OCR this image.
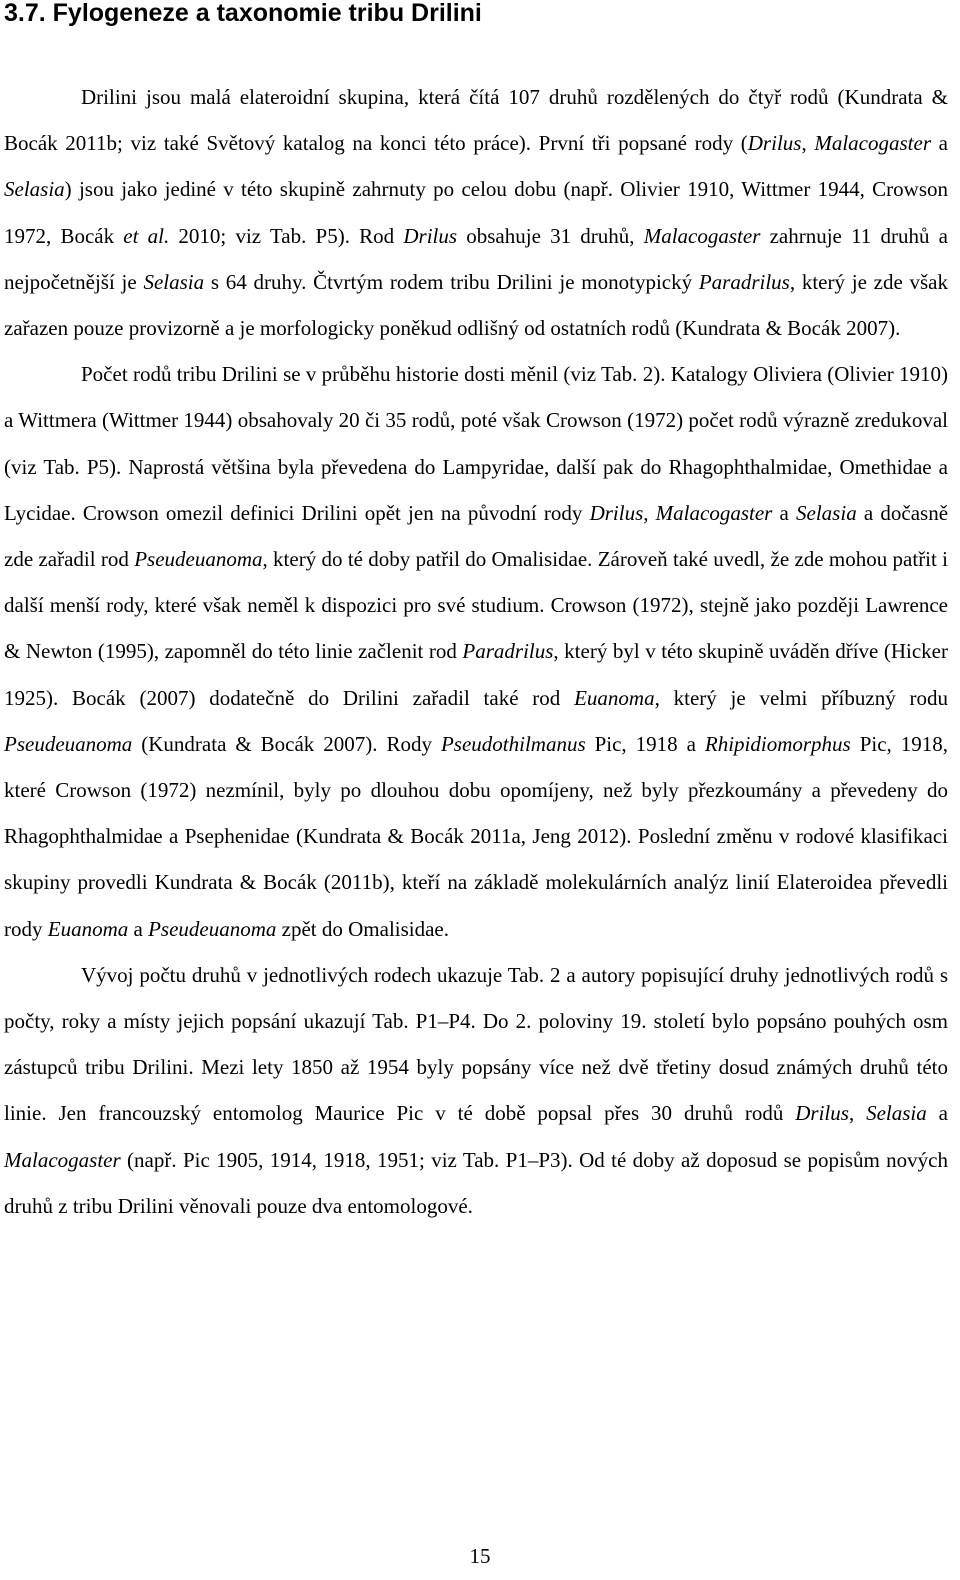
3.7. Fylogeneze a taxonomie tribu Drilini

Drilini jsou malá elateroidní skupina, která čítá 107 druhů rozdělených do čtyř rodů (Kundrata & Bocák 2011b; viz také Světový katalog na konci této práce). První tři popsané rody (Drilus, Malacogaster a Selasia) jsou jako jediné v této skupině zahrnuty po celou dobu (např. Olivier 1910, Wittmer 1944, Crowson 1972, Bocák et al. 2010; viz Tab. P5). Rod Drilus obsahuje 31 druhů, Malacogaster zahrnuje 11 druhů a nejpočetnější je Selasia s 64 druhy. Čtvrtým rodem tribu Drilini je monotypický Paradrilus, který je zde však zařazen pouze provizorně a je morfologicky poněkud odlišný od ostatních rodů (Kundrata & Bocák 2007).

Počet rodů tribu Drilini se v průběhu historie dosti měnil (viz Tab. 2). Katalogy Oliviera (Olivier 1910) a Wittmera (Wittmer 1944) obsahovaly 20 či 35 rodů, poté však Crowson (1972) počet rodů výrazně zredukoval (viz Tab. P5). Naprostá většina byla převedena do Lampyridae, další pak do Rhagophthalmidae, Omethidae a Lycidae. Crowson omezil definici Drilini opět jen na původní rody Drilus, Malacogaster a Selasia a dočasně zde zařadil rod Pseudeuanoma, který do té doby patřil do Omalisidae. Zároveň také uvedl, že zde mohou patřit i další menší rody, které však neměl k dispozici pro své studium. Crowson (1972), stejně jako později Lawrence & Newton (1995), zapomněl do této linie začlenit rod Paradrilus, který byl v této skupině uváděn dříve (Hicker 1925). Bocák (2007) dodatečně do Drilini zařadil také rod Euanoma, který je velmi příbuzný rodu Pseudeuanoma (Kundrata & Bocák 2007). Rody Pseudothilmanus Pic, 1918 a Rhipidiomorphus Pic, 1918, které Crowson (1972) nezmínil, byly po dlouhou dobu opomíjeny, než byly přezkoumány a převedeny do Rhagophthalmidae a Psephenidae (Kundrata & Bocák 2011a, Jeng 2012). Poslední změnu v rodové klasifikaci skupiny provedli Kundrata & Bocák (2011b), kteří na základě molekulárních analýz linií Elateroidea převedli rody Euanoma a Pseudeuanoma zpět do Omalisidae.

Vývoj počtu druhů v jednotlivých rodech ukazuje Tab. 2 a autory popisující druhy jednotlivých rodů s počty, roky a místy jejich popsání ukazují Tab. P1–P4. Do 2. poloviny 19. století bylo popsáno pouhých osm zástupců tribu Drilini. Mezi lety 1850 až 1954 byly popsány více než dvě třetiny dosud známých druhů této linie. Jen francouzský entomolog Maurice Pic v té době popsal přes 30 druhů rodů Drilus, Selasia a Malacogaster (např. Pic 1905, 1914, 1918, 1951; viz Tab. P1–P3). Od té doby až doposud se popisům nových druhů z tribu Drilini věnovali pouze dva entomologové.

15
